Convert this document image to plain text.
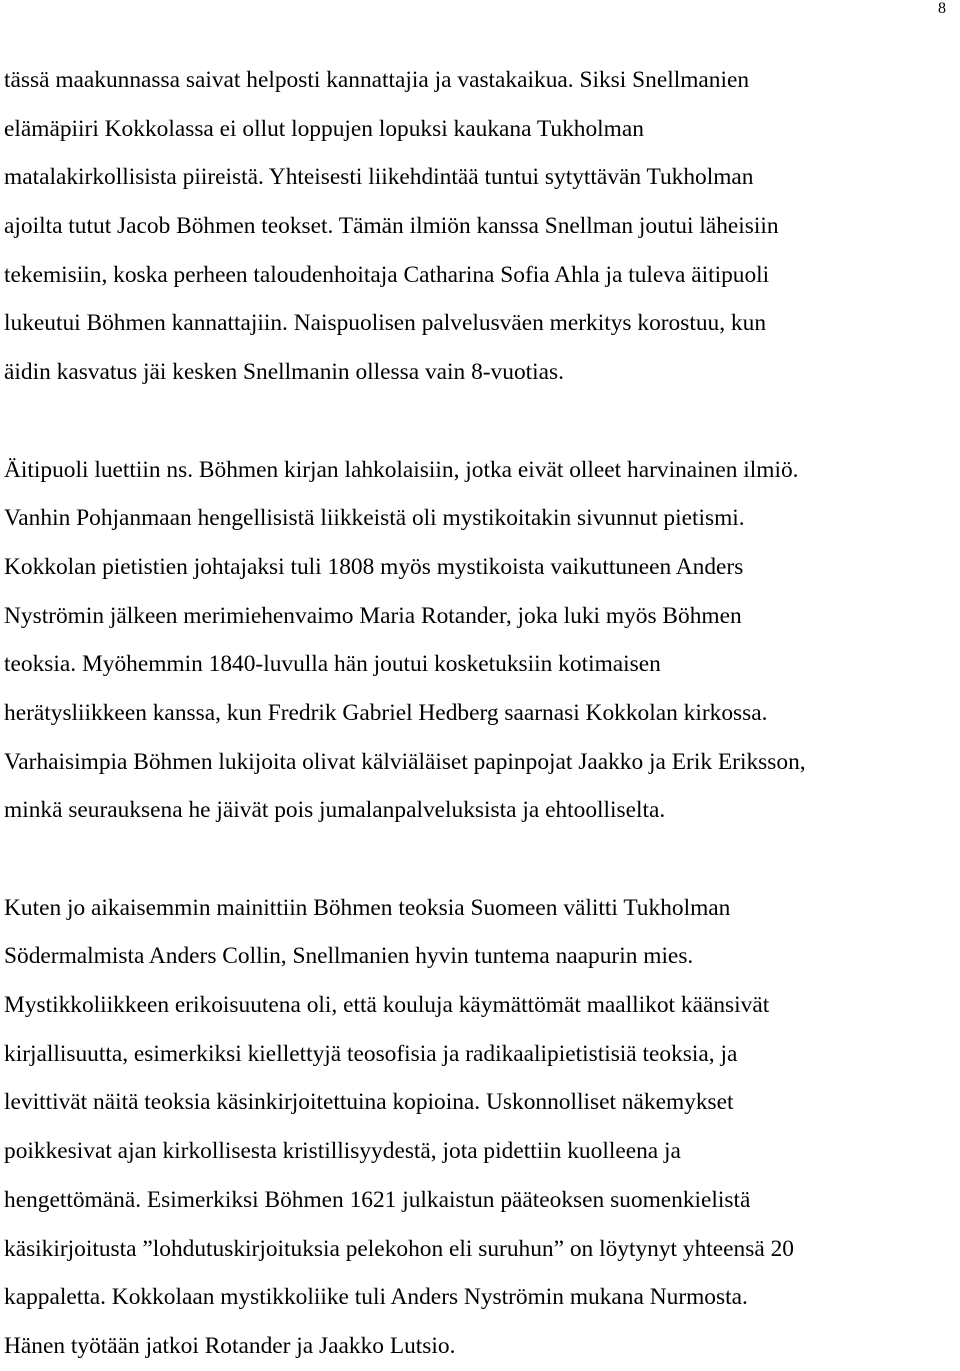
8
tässä maakunnassa saivat helposti kannattajia ja vastakaikua. Siksi Snellmanien
elämäpiiri Kokkolassa ei ollut loppujen lopuksi kaukana Tukholman
matalakirkollisista piireistä. Yhteisesti liikehdintää tuntui sytyttävän Tukholman
ajoilta tutut Jacob Böhmen teokset. Tämän ilmiön kanssa Snellman joutui läheisiin
tekemisiin, koska perheen taloudenhoitaja Catharina Sofia Ahla ja tuleva äitipuoli
lukeutui Böhmen kannattajiin. Naispuolisen palvelusväen merkitys korostuu, kun
äidin kasvatus jäi kesken Snellmanin ollessa vain 8-vuotias.
Äitipuoli luettiin ns. Böhmen kirjan lahkolaisiin, jotka eivät olleet harvinainen ilmiö.
Vanhin Pohjanmaan hengellisistä liikkeistä oli mystikoitakin sivunnut pietismi.
Kokkolan pietistien johtajaksi tuli 1808 myös mystikoista vaikuttuneen Anders
Nyströmin jälkeen merimiehenvaimo Maria Rotander, joka luki myös Böhmen
teoksia. Myöhemmin 1840-luvulla hän joutui kosketuksiin kotimaisen
herätysliikkeen kanssa, kun Fredrik Gabriel Hedberg saarnasi Kokkolan kirkossa.
Varhaisimpia Böhmen lukijoita olivat kälviäläiset papinpojat Jaakko ja Erik Eriksson,
minkä seurauksena he jäivät pois jumalanpalveluksista ja ehtoolliselta.
Kuten jo aikaisemmin mainittiin Böhmen teoksia Suomeen välitti Tukholman
Södermalmista Anders Collin, Snellmanien hyvin tuntema naapurin mies.
Mystikkoliikkeen erikoisuutena oli, että kouluja käymättömät maallikot käänsivät
kirjallisuutta, esimerkiksi kiellettyjä teosofisia ja radikaalipietistisiä teoksia, ja
levittivät näitä teoksia käsinkirjoitettuina kopioina. Uskonnolliset näkemykset
poikkesivat ajan kirkollisesta kristillisyydestä, jota pidettiin kuolleena ja
hengettömänä. Esimerkiksi Böhmen 1621 julkaistun pääteoksen suomenkielistä
käsikirjoitusta ”lohdutuskirjoituksia pelekohon eli suruhun” on löytynyt yhteensä 20
kappaletta. Kokkolaan mystikkoliike tuli Anders Nyströmin mukana Nurmosta.
Hänen työtään jatkoi Rotander ja Jaakko Lutsio.
